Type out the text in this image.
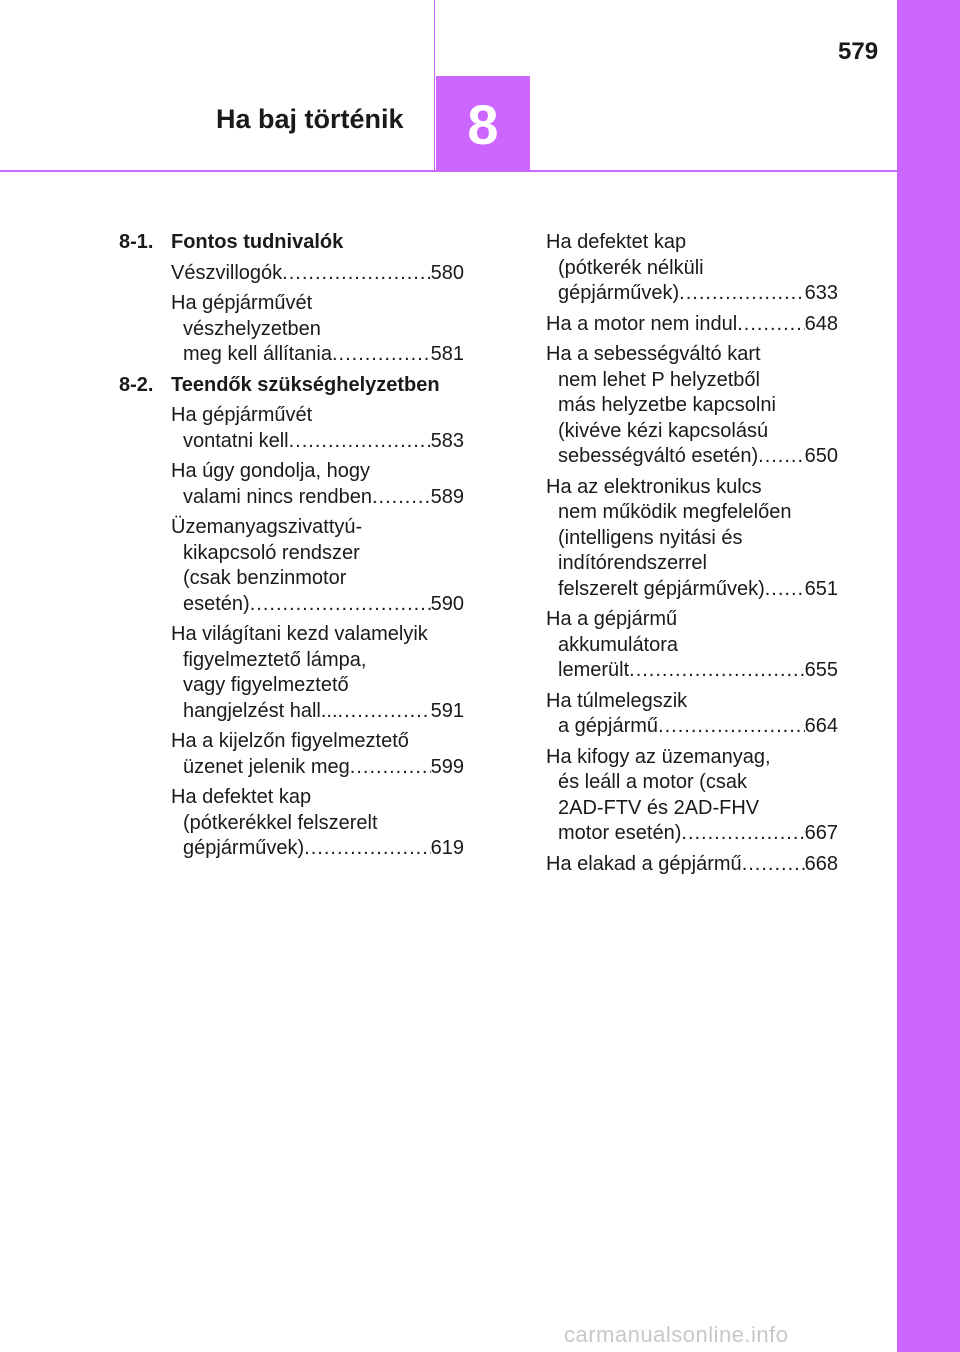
579
Ha baj történik 8
8-1. Fontos tudnivalók
Vészvillogók .....	580
Ha gépjárművét
vészhelyzetben
meg kell állítania .....	581
8-2. Teendők szükséghelyzetben
Ha gépjárművét
vontatni kell .....	583
Ha úgy gondolja, hogy
valami nincs rendben .....	589
Üzemanyagszivattyú-
kikapcsoló rendszer
(csak benzinmotor
esetén) .....	590
Ha világítani kezd valamelyik
figyelmeztető lámpa,
vagy figyelmeztető
hangjelzést hall... .....	591
Ha a kijelzőn figyelmeztető
üzenet jelenik meg .....	599
Ha defektet kap
(pótkerékkel felszerelt
gépjárművek) .....	619
Ha defektet kap
(pótkerék nélküli
gépjárművek) .....	633
Ha a motor nem indul .....	648
Ha a sebességváltó kart
nem lehet P helyzetből
más helyzetbe kapcsolni
(kivéve kézi kapcsolású
sebességváltó esetén) ..... 650
Ha az elektronikus kulcs
nem működik megfelelően
(intelligens nyitási és
indítórendszerrel
felszerelt gépjárművek) ..... 651
Ha a gépjármű
akkumulátora
lemerült .....	655
Ha túlmelegszik
a gépjármű .....	664
Ha kifogy az üzemanyag,
és leáll a motor (csak
2AD-FTV és 2AD-FHV
motor esetén) .....	667
Ha elakad a gépjármű .....	668
carmanualsonline.info
